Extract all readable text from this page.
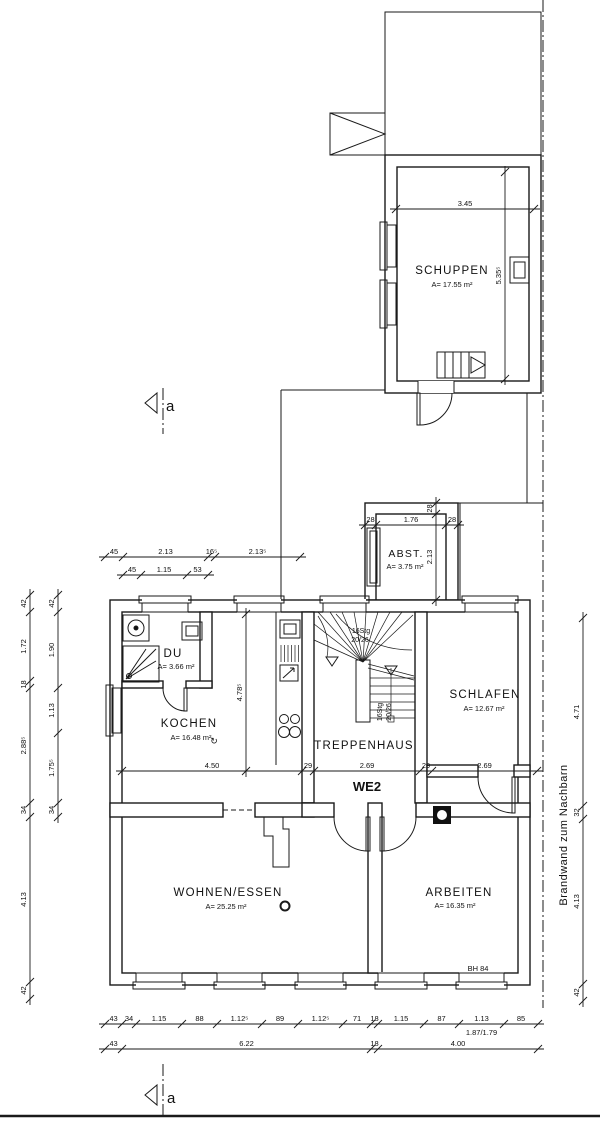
SCHUPPEN
A= 17.55 m²
ABST.
A= 3.75 m²
DU
A= 3.66 m²
KOCHEN
A= 16.48 m²
↻
16Stg
20/26
16Stg 20/26
TREPPENHAUS
WE2
SCHLAFEN
A= 12.67 m²
WOHNEN/ESSEN
A= 25.25 m²
ARBEITEN
A= 16.35 m²
BH 84
Brandwand zum Nachbarn
a
a
3.45
5.35⁵
28	1.76	28
28
2.13
45	2.13	16⁵	2.13⁵
45	1.15	53
4.50	29	2.69	29	2.69
4.78⁵
42
1.72
18
2.88⁵
34
4.13
42
42
1.90
1.13
1.75⁵
34
4.71
32
4.13
42
43 34 1.15	88	1.12⁵	89	1.12⁵	71 18 1.15	87	1.13
1.87/1.79
85
43	6.22	18	4.00
